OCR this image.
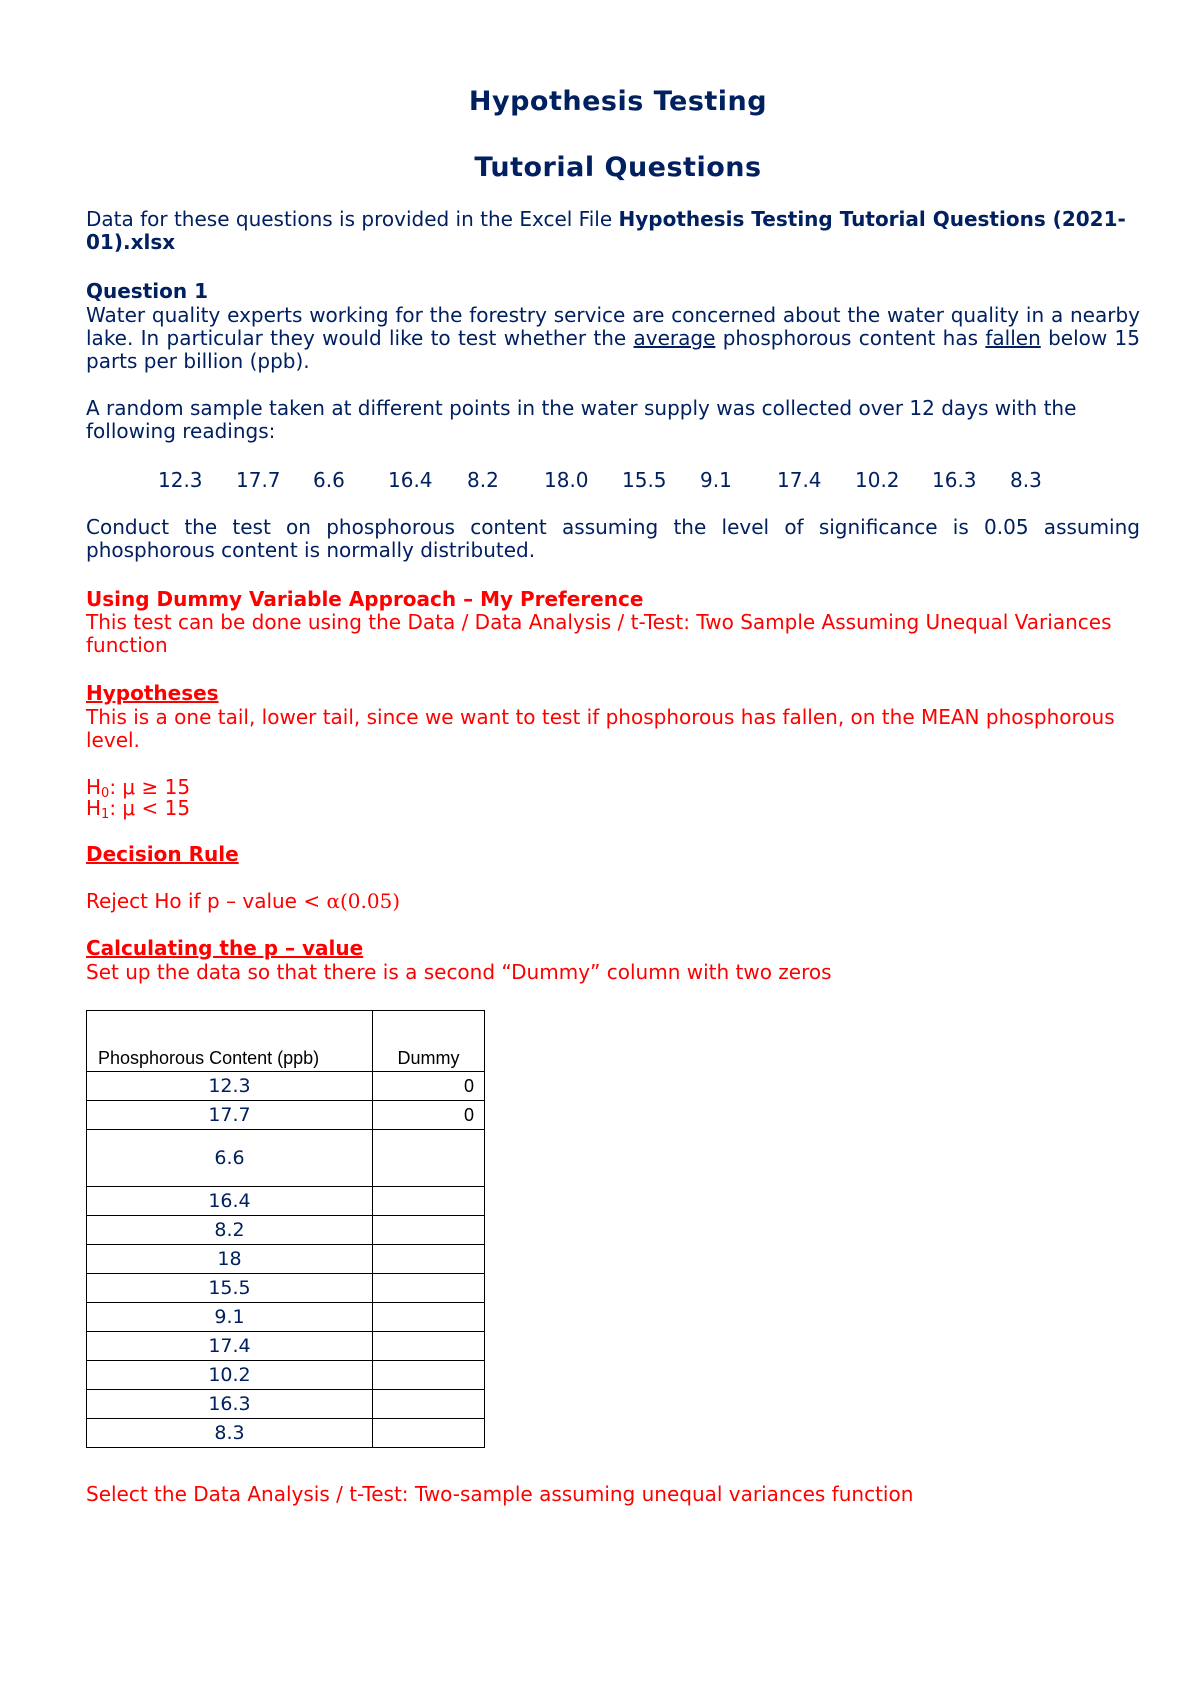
Hypothesis Testing
Tutorial Questions
Data for these questions is provided in the Excel File Hypothesis Testing Tutorial Questions (2021-01).xlsx
Question 1
Water quality experts working for the forestry service are concerned about the water quality in a nearby lake. In particular they would like to test whether the average phosphorous content has fallen below 15 parts per billion (ppb).
A random sample taken at different points in the water supply was collected over 12 days with the following readings:
12.3	17.7	6.6	16.4	8.2	18.0	15.5	9.1	17.4	10.2	16.3	8.3
Conduct the test on phosphorous content assuming the level of significance is 0.05 assuming phosphorous content is normally distributed.
Using Dummy Variable Approach – My Preference
This test can be done using the Data / Data Analysis / t-Test: Two Sample Assuming Unequal Variances function
Hypotheses
This is a one tail, lower tail, since we want to test if phosphorous has fallen, on the MEAN phosphorous level.
$H_0$: μ ≥ 15
$H_1$: μ < 15
Decision Rule
Reject Ho if p – value < α(0.05)
Calculating the p – value
Set up the data so that there is a second “Dummy” column with two zeros
Phosphorous Content (ppb)	Dummy
12.3	0
17.7	0
6.6	
16.4	
8.2	
18	
15.5	
9.1	
17.4	
10.2	
16.3	
8.3	
Select the Data Analysis / t-Test: Two-sample assuming unequal variances function
